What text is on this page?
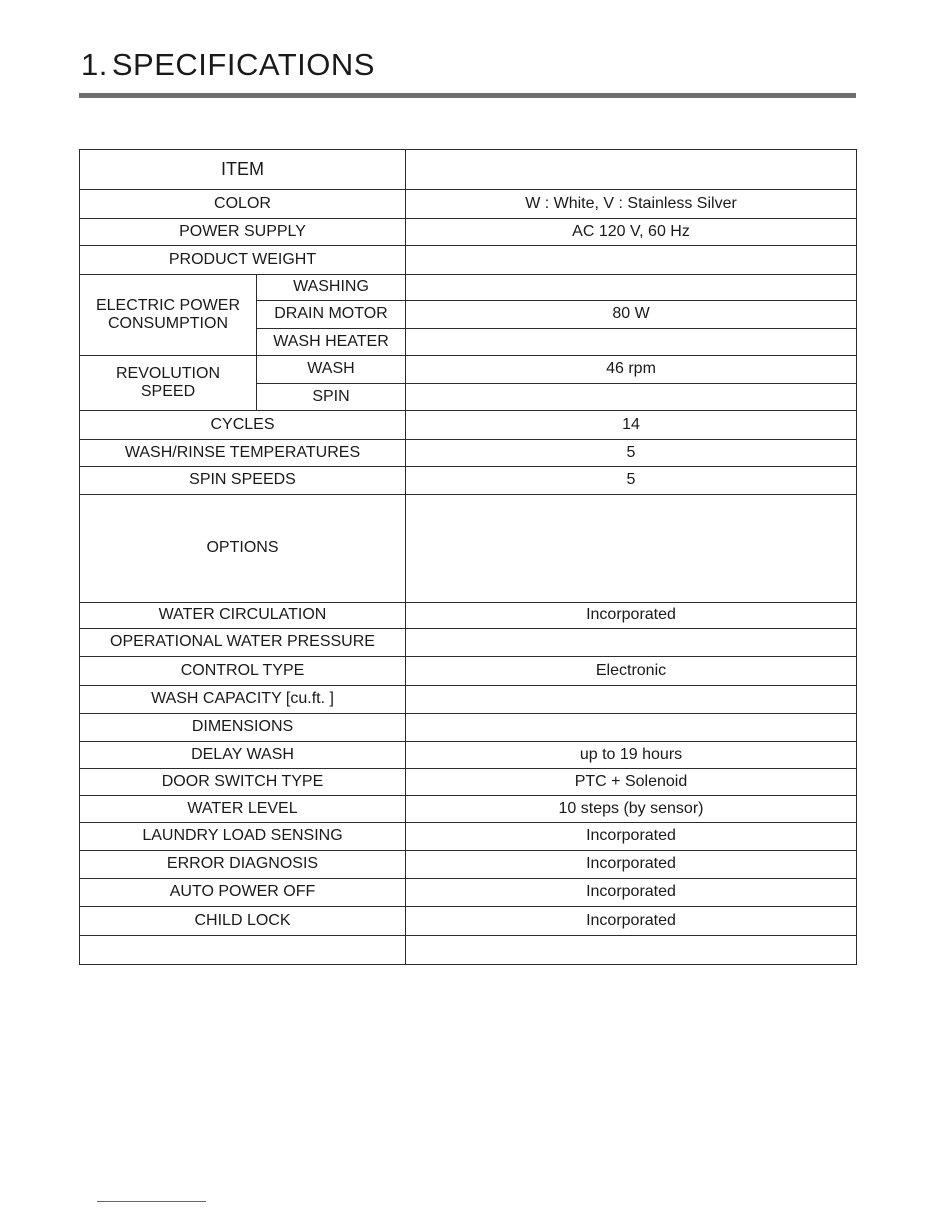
1. SPECIFICATIONS
ITEM		
COLOR		W : White, V : Stainless Silver
POWER SUPPLY		AC 120 V, 60 Hz
PRODUCT WEIGHT		
ELECTRIC POWER
CONSUMPTION	WASHING	
	DRAIN MOTOR	80 W
	WASH HEATER	
REVOLUTION
SPEED	WASH	46 rpm
	SPIN	
CYCLES		14
WASH/RINSE TEMPERATURES		5
SPIN SPEEDS		5
OPTIONS		
WATER CIRCULATION		Incorporated
OPERATIONAL WATER PRESSURE		
CONTROL TYPE		Electronic
WASH CAPACITY [cu.ft. ]		
DIMENSIONS		
DELAY WASH		up to 19 hours
DOOR SWITCH TYPE		PTC + Solenoid
WATER LEVEL		10 steps (by sensor)
LAUNDRY LOAD SENSING		Incorporated
ERROR DIAGNOSIS		Incorporated
AUTO POWER OFF		Incorporated
CHILD LOCK		Incorporated
